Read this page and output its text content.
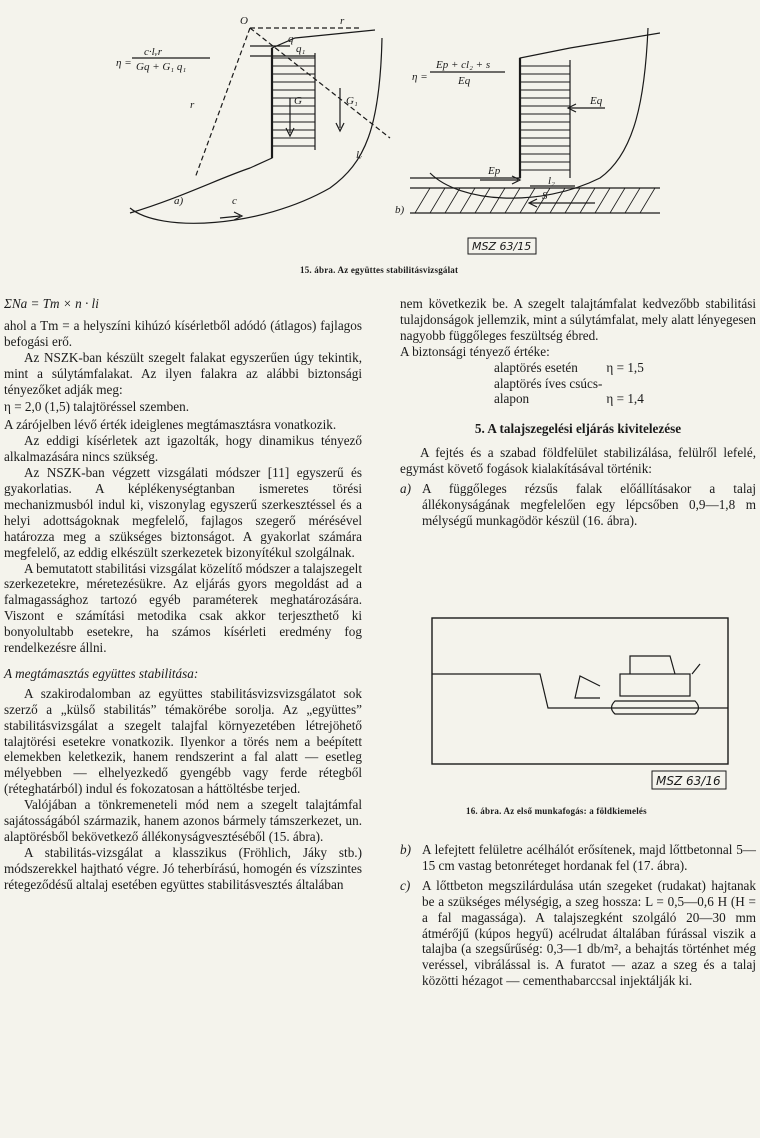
η =
c·lᵥr
Gq + G₁ q₁
O	r
q
q₁
G	G₁
r
lᵥ
c
a)
η =
Ep + cl₂ + s
Eq
Eq
Ep
l₂
S
b)
MSZ 63/15
15. ábra. Az együttes stabilitásvizsgálat

ΣNa = Tm × n · li

ahol a Tm = a helyszíni kihúzó kísérletből adódó (átlagos) fajlagos befogási erő.

Az NSZK-ban készült szegelt falakat egyszerűen úgy tekintik, mint a súlytámfalakat. Az ilyen falakra az alábbi biztonsági tényezőket adják meg:

η = 2,0 (1,5) talajtöréssel szemben.

A zárójelben lévő érték ideiglenes megtámasztásra vonatkozik.

Az eddigi kísérletek azt igazolták, hogy dinamikus tényező alkalmazására nincs szükség.

Az NSZK-ban végzett vizsgálati módszer [11] egyszerű és gyakorlatias. A képlékenységtanban ismeretes törési mechanizmusból indul ki, viszonylag egyszerű szerkesztéssel és a helyi adottságoknak megfelelő, fajlagos szegerő mérésével határozza meg a szükséges biztonságot. A gyakorlat számára megfelelő, az eddig elkészült szerkezetek bizonyítékul szolgálnak.

A bemutatott stabilitási vizsgálat közelítő módszer a talajszegelt szerkezetekre, méretezésükre. Az eljárás gyors megoldást ad a falmagassághoz tartozó egyéb paraméterek meghatározására. Viszont e számítási metodika csak akkor terjeszthető ki bonyolultabb esetekre, ha számos kísérleti eredmény fog rendelkezésre állni.

A megtámasztás együttes stabilitása:

A szakirodalomban az együttes stabilitásvizsvizsgálatot sok szerző a „külső stabilitás” témakörébe sorolja. Az „együttes” stabilitásvizsgálat a szegelt talajfal környezetében létrejöhető talajtörési esetekre vonatkozik. Ilyenkor a törés nem a beépített elemekben keletkezik, hanem rendszerint a fal alatt — esetleg mélyebben — elhelyezkedő gyengébb vagy ferde rétegből (réteghatárból) indul és fokozatosan a háttöltésbe terjed.

Valójában a tönkremeneteli mód nem a szegelt talajtámfal sajátosságából származik, hanem azonos bármely támszerkezet, un. alaptörésből bekövetkező állékonyságvesztéséből (15. ábra).

A stabilitás-vizsgálat a klasszikus (Fröhlich, Jáky stb.) módszerekkel hajtható végre. Jó teherbírású, homogén és vízszintes rétegeződésű altalaj esetében együttes stabilitásvesztés általában

nem következik be. A szegelt talajtámfalat kedvezőbb stabilitási tulajdonságok jellemzik, mint a súlytámfalat, mely alatt lényegesen nagyobb függőleges feszültség ébred.

A biztonsági tényező értéke:

alaptörés esetén	η = 1,5
alaptörés íves csúcs-	
alapon	η = 1,4

5. A talajszegelési eljárás kivitelezése

A fejtés és a szabad földfelület stabilizálása, felülről lefelé, egymást követő fogások kialakításával történik:

a) A függőleges rézsűs falak előállításakor a talaj állékonyságának megfelelően egy lépcsőben 0,9—1,8 m mélységű munkagödör készül (16. ábra).

MSZ 63/16
16. ábra. Az első munkafogás: a földkiemelés
b) A lefejtett felületre acélhálót erősítenek, majd lőttbetonnal 5—15 cm vastag betonréteget hordanak fel (17. ábra).

c) A lőttbeton megszilárdulása után szegeket (rudakat) hajtanak be a szükséges mélységig, a szeg hossza: L = 0,5—0,6 H (H = a fal magassága). A talajszegként szolgáló 20—30 mm átmérőjű (kúpos hegyű) acélrudat általában fúrással viszik a talajba (a szegsűrűség: 0,3—1 db/m², a behajtás történhet még veréssel, vibrálással is. A furatot — azaz a szeg és a talaj közötti hézagot — cementhabarccsal injektálják ki.
